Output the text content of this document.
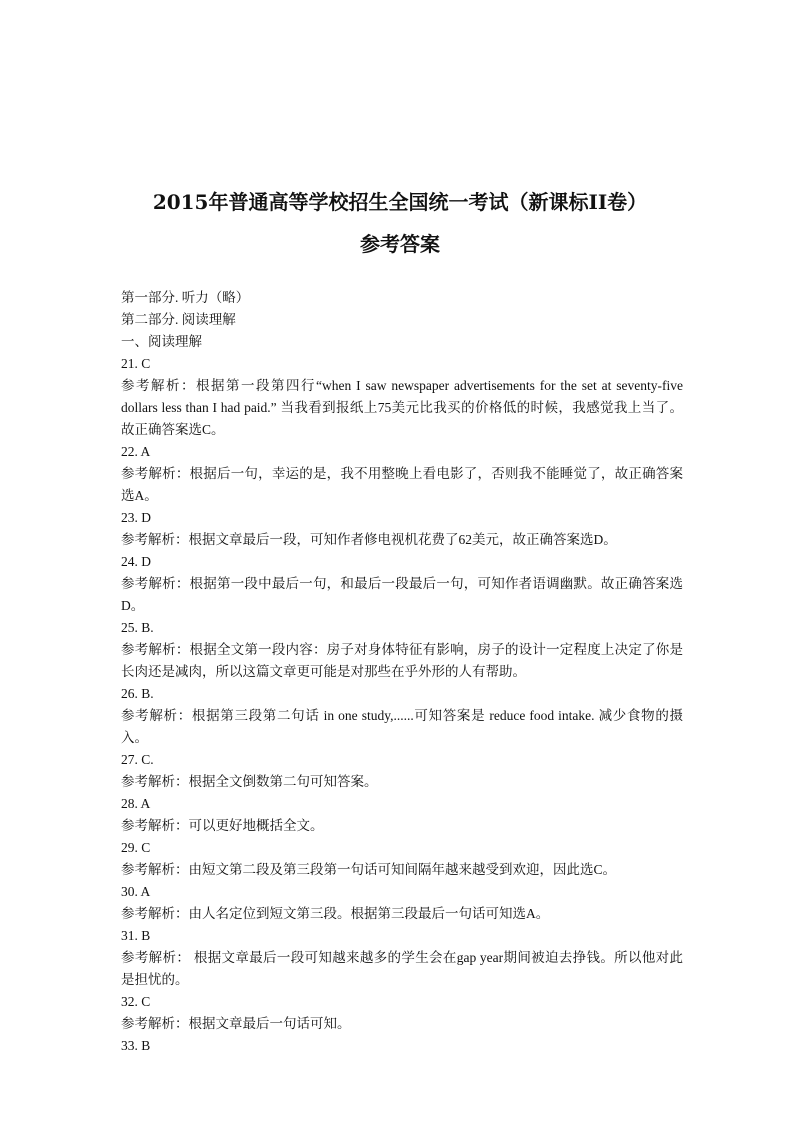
2015年普通高等学校招生全国统一考试（新课标II卷）
参考答案

第一部分. 听力（略）

第二部分. 阅读理解

一、阅读理解

21. C

参考解析：根据第一段第四行“when I saw newspaper advertisements for the set at seventy-five dollars less than I had paid.” 当我看到报纸上75美元比我买的价格低的时候，我感觉我上当了。故正确答案选C。

22. A

参考解析：根据后一句，幸运的是，我不用整晚上看电影了，否则我不能睡觉了，故正确答案选A。

23. D

参考解析：根据文章最后一段，可知作者修电视机花费了62美元，故正确答案选D。

24. D

参考解析：根据第一段中最后一句，和最后一段最后一句，可知作者语调幽默。故正确答案选D。

25. B.

参考解析：根据全文第一段内容：房子对身体特征有影响，房子的设计一定程度上决定了你是长肉还是减肉，所以这篇文章更可能是对那些在乎外形的人有帮助。

26. B.

参考解析：根据第三段第二句话 in one study,......可知答案是 reduce food intake. 减少食物的摄入。

27. C.

参考解析：根据全文倒数第二句可知答案。

28. A

参考解析：可以更好地概括全文。

29. C

参考解析：由短文第二段及第三段第一句话可知间隔年越来越受到欢迎，因此选C。

30. A

参考解析：由人名定位到短文第三段。根据第三段最后一句话可知选A。

31. B

参考解析： 根据文章最后一段可知越来越多的学生会在gap year期间被迫去挣钱。所以他对此是担忧的。

32. C

参考解析：根据文章最后一句话可知。

33. B
